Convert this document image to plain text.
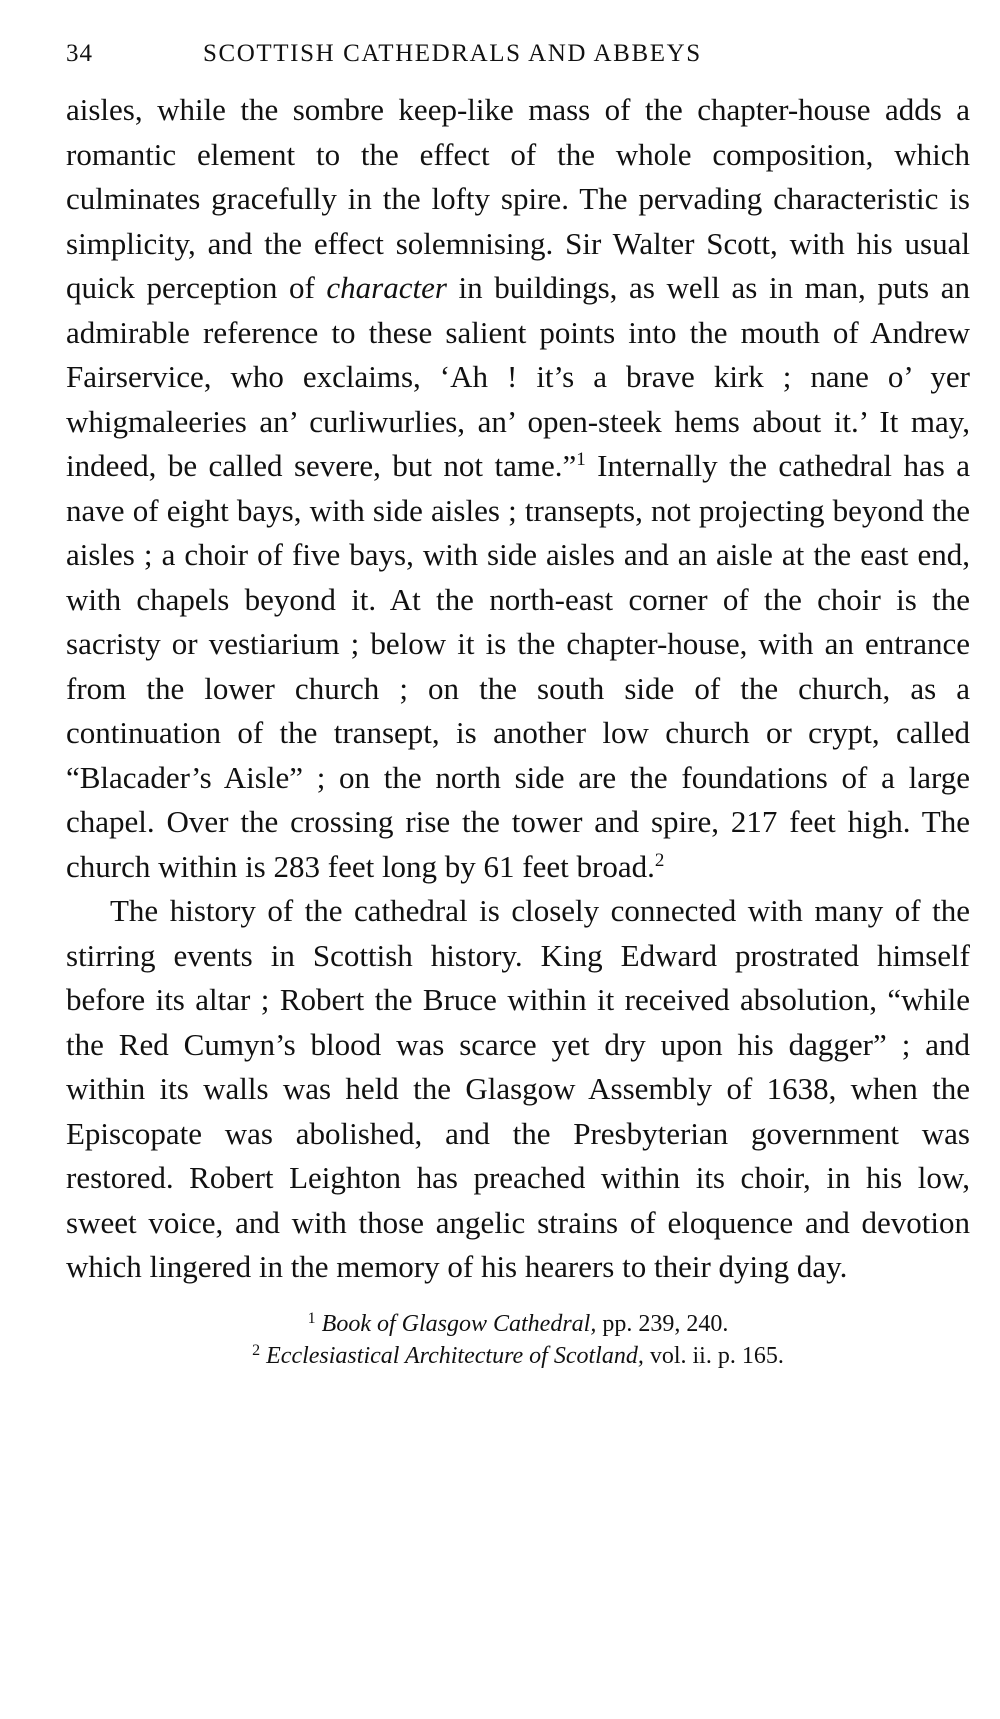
34	SCOTTISH CATHEDRALS AND ABBEYS

aisles, while the sombre keep-like mass of the chapter-house adds a romantic element to the effect of the whole composition, which culminates gracefully in the lofty spire. The pervading characteristic is simplicity, and the effect solemnising. Sir Walter Scott, with his usual quick perception of character in buildings, as well as in man, puts an admirable reference to these salient points into the mouth of Andrew Fairservice, who exclaims, ‘Ah ! it’s a brave kirk ; nane o’ yer whigmaleeries an’ curliwurlies, an’ open-steek hems about it.’ It may, indeed, be called severe, but not tame.”$^1$ Internally the cathedral has a nave of eight bays, with side aisles ; transepts, not projecting beyond the aisles ; a choir of five bays, with side aisles and an aisle at the east end, with chapels beyond it. At the north-east corner of the choir is the sacristy or vestiarium ; below it is the chapter-house, with an entrance from the lower church ; on the south side of the church, as a continuation of the transept, is another low church or crypt, called “Blacader’s Aisle” ; on the north side are the foundations of a large chapel. Over the crossing rise the tower and spire, 217 feet high. The church within is 283 feet long by 61 feet broad.$^2$

The history of the cathedral is closely connected with many of the stirring events in Scottish history. King Edward prostrated himself before its altar ; Robert the Bruce within it received absolution, “while the Red Cumyn’s blood was scarce yet dry upon his dagger” ; and within its walls was held the Glasgow Assembly of 1638, when the Episcopate was abolished, and the Presbyterian government was restored. Robert Leighton has preached within its choir, in his low, sweet voice, and with those angelic strains of eloquence and devotion which lingered in the memory of his hearers to their dying day.

$^1$ Book of Glasgow Cathedral, pp. 239, 240.
$^2$ Ecclesiastical Architecture of Scotland, vol. ii. p. 165.
